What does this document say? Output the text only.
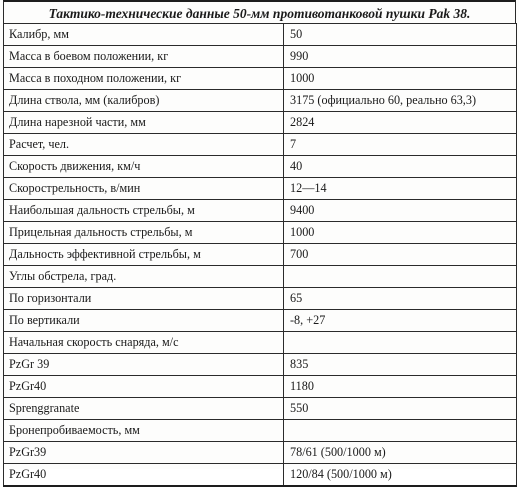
Тактико-технические данные 50-мм противотанковой пушки Pak 38.
Калибр, мм	50
Масса в боевом положении, кг	990
Масса в походном положении, кг	1000
Длина ствола, мм (калибров)	3175 (официально 60, реально 63,3)
Длина нарезной части, мм	2824
Расчет, чел.	7
Скорость движения, км/ч	40
Скорострельность, в/мин	12—14
Наибольшая дальность стрельбы, м	9400
Прицельная дальность стрельбы, м	1000
Дальность эффективной стрельбы, м	700
Углы обстрела, град.	
По горизонтали	65
По вертикали	-8, +27
Начальная скорость снаряда, м/с	
PzGr 39	835
PzGr40	1180
Sprenggranate	550
Бронепробиваемость, мм	
PzGr39	78/61 (500/1000 м)
PzGr40	120/84 (500/1000 м)
